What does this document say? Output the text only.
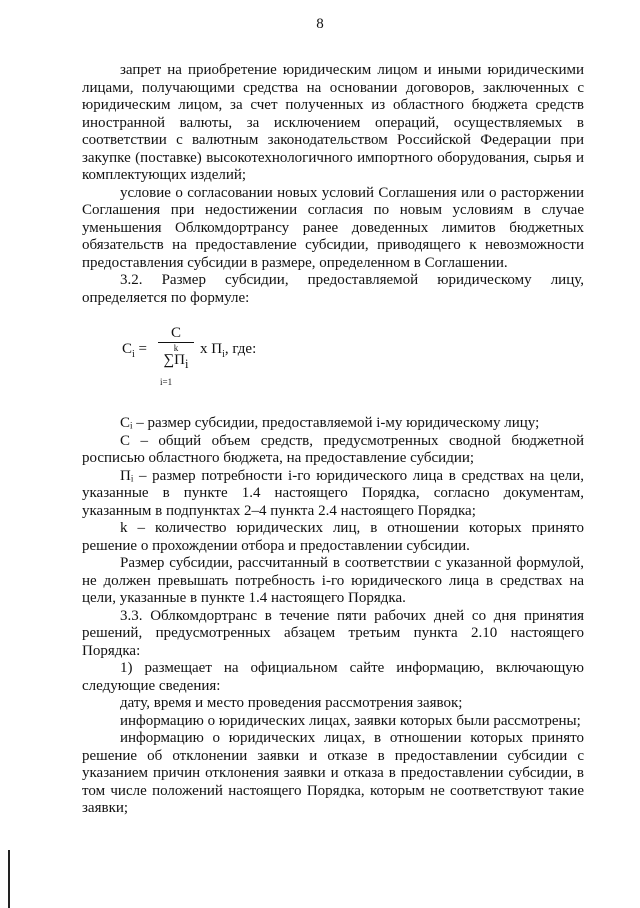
8

запрет на приобретение юридическим лицом и иными юридическими лицами, получающими средства на основании договоров, заключенных с юридическим лицом, за счет полученных из областного бюджета средств иностранной валюты, за исключением операций, осуществляемых в соответствии с валютным законодательством Российской Федерации при закупке (поставке) высокотехнологичного импортного оборудования, сырья и комплектующих изделий;

условие о согласовании новых условий Соглашения или о расторжении Соглашения при недостижении согласия по новым условиям в случае уменьшения Облкомдортрансу ранее доведенных лимитов бюджетных обязательств на предоставление субсидии, приводящего к невозможности предоставления субсидии в размере, определенном в Соглашении.

3.2. Размер субсидии, предоставляемой юридическому лицу, определяется по формуле:

$C_i$ =
C
k
$\sum П_i$
i=1
x $П_i$, где:

Cᵢ – размер субсидии, предоставляемой i-му юридическому лицу;

С – общий объем средств, предусмотренных сводной бюджетной росписью областного бюджета, на предоставление субсидии;

Пᵢ – размер потребности i-го юридического лица в средствах на цели, указанные в пункте 1.4 настоящего Порядка, согласно документам, указанным в подпунктах 2–4 пункта 2.4 настоящего Порядка;

k – количество юридических лиц, в отношении которых принято решение о прохождении отбора и предоставлении субсидии.

Размер субсидии, рассчитанный в соответствии с указанной формулой, не должен превышать потребность i-го юридического лица в средствах на цели, указанные в пункте 1.4 настоящего Порядка.

3.3. Облкомдортранс в течение пяти рабочих дней со дня принятия решений, предусмотренных абзацем третьим пункта 2.10 настоящего Порядка:

1) размещает на официальном сайте информацию, включающую следующие сведения:

дату, время и место проведения рассмотрения заявок;

информацию о юридических лицах, заявки которых были рассмотрены;

информацию о юридических лицах, в отношении которых принято решение об отклонении заявки и отказе в предоставлении субсидии с указанием причин отклонения заявки и отказа в предоставлении субсидии, в том числе положений настоящего Порядка, которым не соответствуют такие заявки;
